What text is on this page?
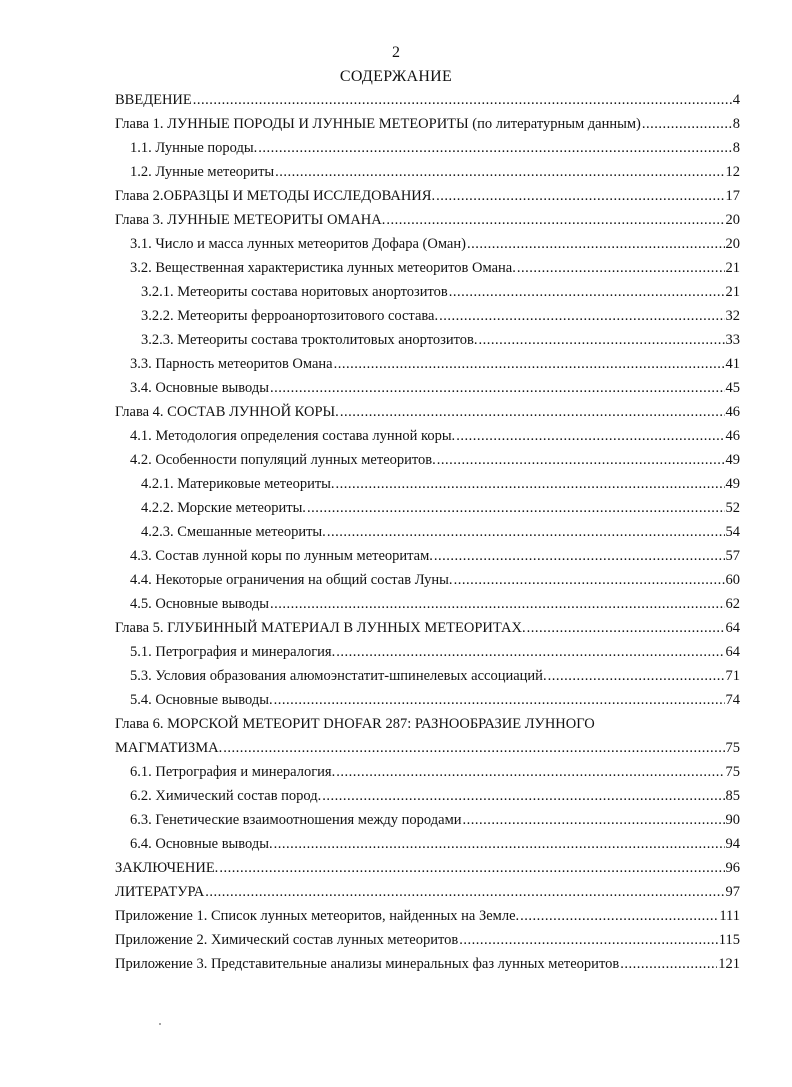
2
СОДЕРЖАНИЕ
ВВЕДЕНИЕ .....	4
Глава 1. ЛУННЫЕ ПОРОДЫ И ЛУННЫЕ МЕТЕОРИТЫ (по литературным данным) .....	8
1.1. Лунные породы. .....	8
1.2. Лунные метеориты .....	12
Глава 2.ОБРАЗЦЫ И МЕТОДЫ ИССЛЕДОВАНИЯ. .....	17
Глава 3. ЛУННЫЕ МЕТЕОРИТЫ ОМАНА. .....	20
3.1. Число и масса лунных метеоритов Дофара (Оман) .....	20
3.2. Вещественная характеристика лунных метеоритов Омана. .....	21
3.2.1. Метеориты состава норитовых анортозитов .....	21
3.2.2. Метеориты ферроанортозитового состава. .....	32
3.2.3. Метеориты состава троктолитовых анортозитов. .....	33
3.3. Парность метеоритов Омана .....	41
3.4. Основные выводы .....	45
Глава 4. СОСТАВ ЛУННОЙ КОРЫ. .....	46
4.1. Методология определения состава лунной коры. .....	46
4.2. Особенности популяций лунных метеоритов. .....	49
4.2.1. Материковые метеориты. .....	49
4.2.2. Морские метеориты. .....	52
4.2.3. Смешанные метеориты. .....	54
4.3. Состав лунной коры по лунным метеоритам. .....	57
4.4. Некоторые ограничения на общий состав Луны. .....	60
4.5. Основные выводы .....	62
Глава 5. ГЛУБИННЫЙ МАТЕРИАЛ В ЛУННЫХ МЕТЕОРИТАХ. .....	64
5.1. Петрография и минералогия. .....	64
5.3. Условия образования алюмоэнстатит-шпинелевых ассоциаций. .....	71
5.4. Основные выводы. .....	74
Глава 6. МОРСКОЙ МЕТЕОРИТ DHOFAR 287: РАЗНООБРАЗИЕ ЛУННОГО
МАГМАТИЗМА. .....	75
6.1. Петрография и минералогия. .....	75
6.2. Химический состав пород. .....	85
6.3. Генетические взаимоотношения между породами .....	90
6.4. Основные выводы. .....	94
ЗАКЛЮЧЕНИЕ. .....	96
ЛИТЕРАТУРА .....	97
Приложение 1. Список лунных метеоритов, найденных на Земле. .....	111
Приложение 2. Химический состав лунных метеоритов .....	115
Приложение 3. Представительные анализы минеральных фаз лунных метеоритов .....	121
